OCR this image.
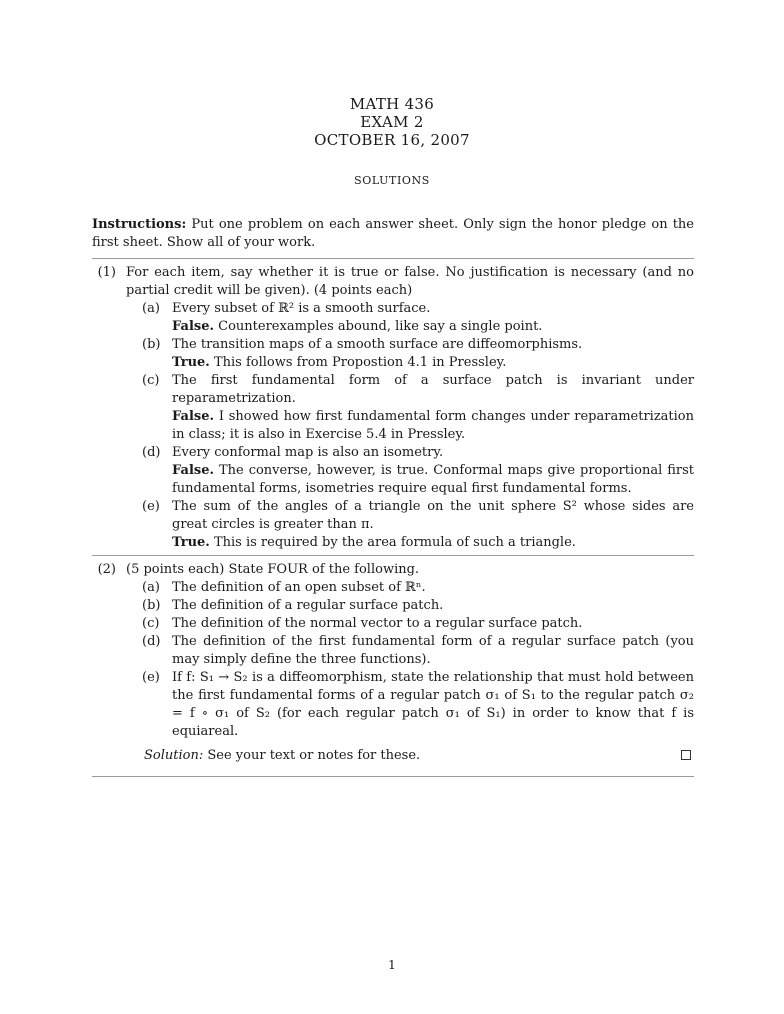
MATH 436
EXAM 2
OCTOBER 16, 2007
SOLUTIONS
Instructions: Put one problem on each answer sheet. Only sign the honor pledge on the first sheet. Show all of your work.
(1) For each item, say whether it is true or false. No justification is necessary (and no partial credit will be given). (4 points each)
(a) Every subset of ℝ² is a smooth surface.
False. Counterexamples abound, like say a single point.
(b) The transition maps of a smooth surface are diffeomorphisms.
True. This follows from Propostion 4.1 in Pressley.
(c) The first fundamental form of a surface patch is invariant under reparametrization.
False. I showed how first fundamental form changes under reparametrization in class; it is also in Exercise 5.4 in Pressley.
(d) Every conformal map is also an isometry.
False. The converse, however, is true. Conformal maps give proportional first fundamental forms, isometries require equal first fundamental forms.
(e) The sum of the angles of a triangle on the unit sphere S² whose sides are great circles is greater than π.
True. This is required by the area formula of such a triangle.
(2) (5 points each) State FOUR of the following.
(a) The definition of an open subset of ℝⁿ.
(b) The definition of a regular surface patch.
(c) The definition of the normal vector to a regular surface patch.
(d) The definition of the first fundamental form of a regular surface patch (you may simply define the three functions).
(e) If f: S₁ → S₂ is a diffeomorphism, state the relationship that must hold between the first fundamental forms of a regular patch σ₁ of S₁ to the regular patch σ₂ = f ∘ σ₁ of S₂ (for each regular patch σ₁ of S₁) in order to know that f is equiareal.
Solution: See your text or notes for these.
1
